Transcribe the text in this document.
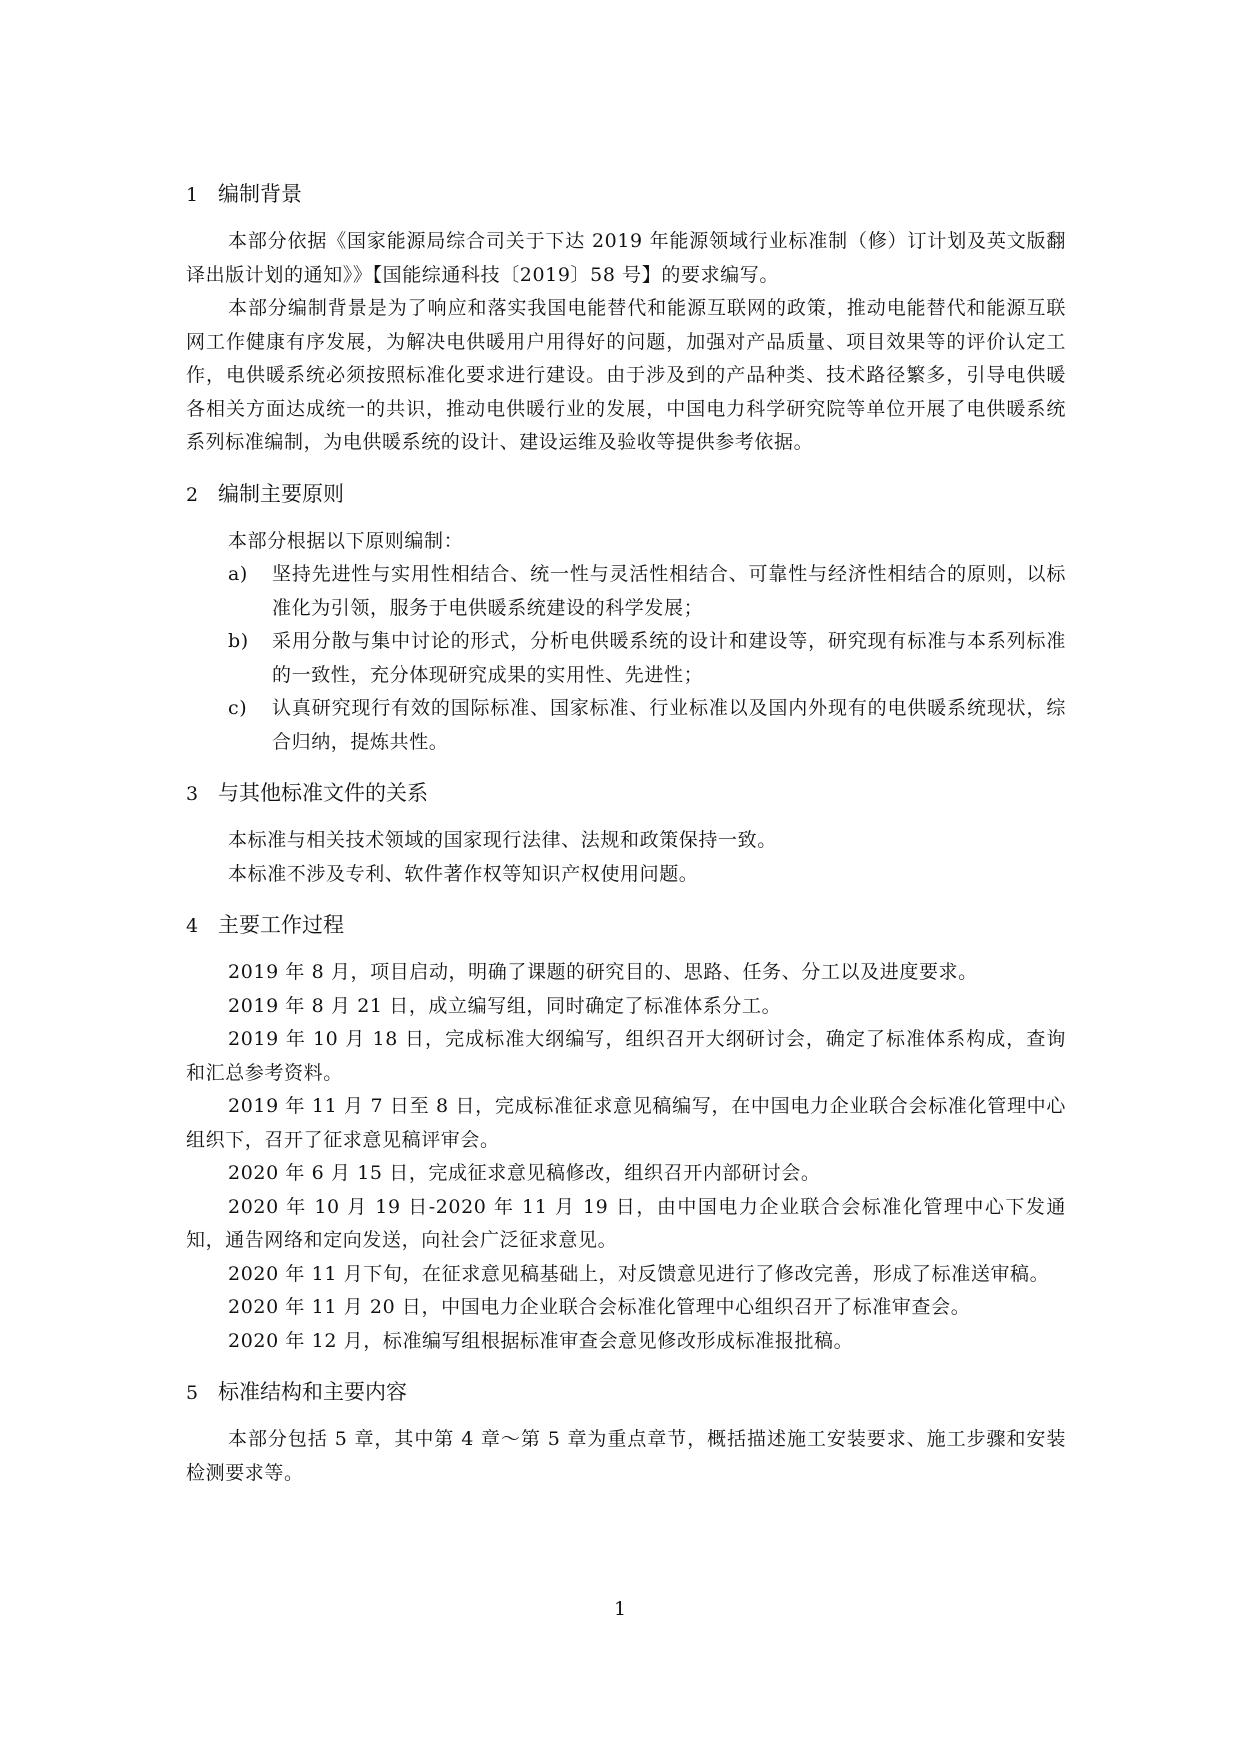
1 编制背景

本部分依据《国家能源局综合司关于下达 2019 年能源领域行业标准制（修）订计划及英文版翻译出版计划的通知》》【国能综通科技〔2019〕58 号】的要求编写。

本部分编制背景是为了响应和落实我国电能替代和能源互联网的政策，推动电能替代和能源互联网工作健康有序发展，为解决电供暖用户用得好的问题，加强对产品质量、项目效果等的评价认定工作，电供暖系统必须按照标准化要求进行建设。由于涉及到的产品种类、技术路径繁多，引导电供暖各相关方面达成统一的共识，推动电供暖行业的发展，中国电力科学研究院等单位开展了电供暖系统系列标准编制，为电供暖系统的设计、建设运维及验收等提供参考依据。

2 编制主要原则

本部分根据以下原则编制：

a)	坚持先进性与实用性相结合、统一性与灵活性相结合、可靠性与经济性相结合的原则，以标准化为引领，服务于电供暖系统建设的科学发展；
b)	采用分散与集中讨论的形式，分析电供暖系统的设计和建设等，研究现有标准与本系列标准的一致性，充分体现研究成果的实用性、先进性；
c)	认真研究现行有效的国际标准、国家标准、行业标准以及国内外现有的电供暖系统现状，综合归纳，提炼共性。
3 与其他标准文件的关系

本标准与相关技术领域的国家现行法律、法规和政策保持一致。

本标准不涉及专利、软件著作权等知识产权使用问题。

4 主要工作过程

2019 年 8 月，项目启动，明确了课题的研究目的、思路、任务、分工以及进度要求。

2019 年 8 月 21 日，成立编写组，同时确定了标准体系分工。

2019 年 10 月 18 日，完成标准大纲编写，组织召开大纲研讨会，确定了标准体系构成，查询和汇总参考资料。

2019 年 11 月 7 日至 8 日，完成标准征求意见稿编写，在中国电力企业联合会标准化管理中心组织下，召开了征求意见稿评审会。

2020 年 6 月 15 日，完成征求意见稿修改，组织召开内部研讨会。

2020 年 10 月 19 日-2020 年 11 月 19 日，由中国电力企业联合会标准化管理中心下发通知，通告网络和定向发送，向社会广泛征求意见。

2020 年 11 月下旬，在征求意见稿基础上，对反馈意见进行了修改完善，形成了标准送审稿。

2020 年 11 月 20 日，中国电力企业联合会标准化管理中心组织召开了标准审查会。

2020 年 12 月，标准编写组根据标准审查会意见修改形成标准报批稿。

5 标准结构和主要内容

本部分包括 5 章，其中第 4 章～第 5 章为重点章节，概括描述施工安装要求、施工步骤和安装检测要求等。

1
